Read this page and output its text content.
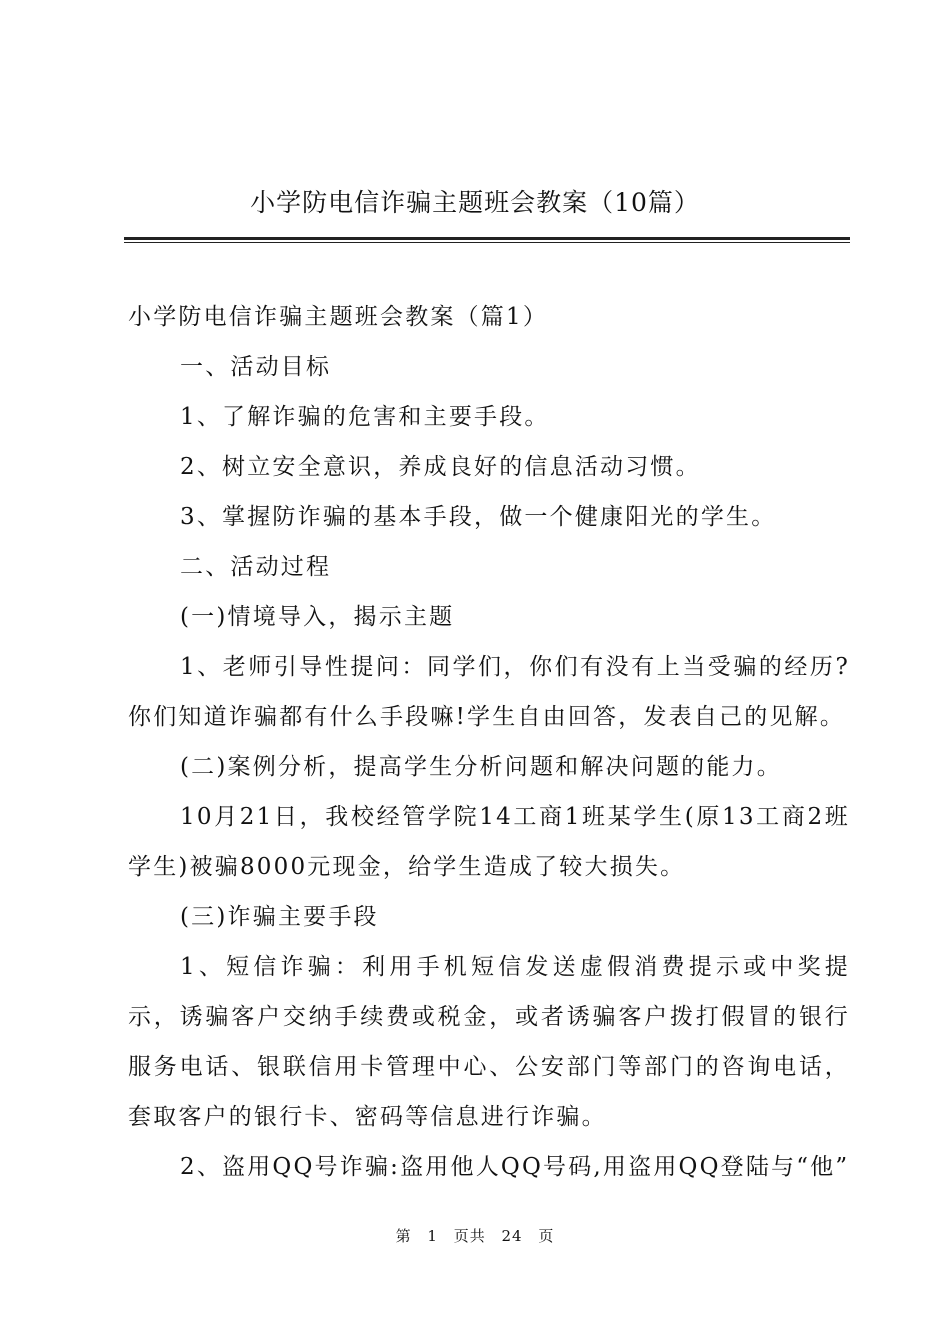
小学防电信诈骗主题班会教案（10篇）

小学防电信诈骗主题班会教案（篇1）

一、活动目标

1、了解诈骗的危害和主要手段。

2、树立安全意识，养成良好的信息活动习惯。

3、掌握防诈骗的基本手段，做一个健康阳光的学生。

二、活动过程

(一)情境导入，揭示主题

1、老师引导性提问：同学们，你们有没有上当受骗的经历?你们知道诈骗都有什么手段嘛!学生自由回答，发表自己的见解。

(二)案例分析，提高学生分析问题和解决问题的能力。

10月21日，我校经管学院14工商1班某学生(原13工商2班学生)被骗8000元现金，给学生造成了较大损失。

(三)诈骗主要手段

1、短信诈骗：利用手机短信发送虚假消费提示或中奖提示，诱骗客户交纳手续费或税金，或者诱骗客户拨打假冒的银行服务电话、银联信用卡管理中心、公安部门等部门的咨询电话，套取客户的银行卡、密码等信息进行诈骗。

2、盗用QQ号诈骗:盗用他人QQ号码,用盗用QQ登陆与“他”

第 1 页共 24 页
